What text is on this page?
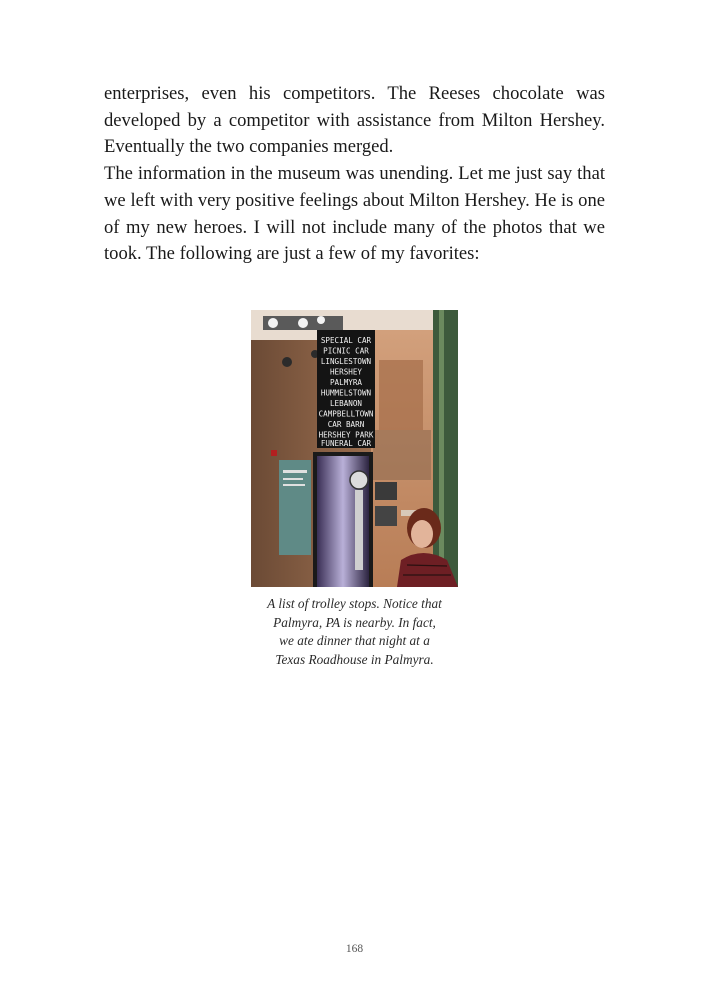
enterprises, even his competitors. The Reeses chocolate was developed by a competitor with assistance from Milton Hershey. Eventually the two companies merged.

The information in the museum was unending. Let me just say that we left with very positive feelings about Milton Hershey. He is one of my new heroes. I will not include many of the photos that we took. The following are just a few of my favorites:

SPECIAL CAR
PICNIC CAR
LINGLESTOWN
HERSHEY
PALMYRA
HUMMELSTOWN
LEBANON
CAMPBELLTOWN
CAR BARN
HERSHEY PARK
FUNERAL CAR
A list of trolley stops. Notice that
Palmyra, PA is nearby. In fact,
we ate dinner that night at a
Texas Roadhouse in Palmyra.
168
